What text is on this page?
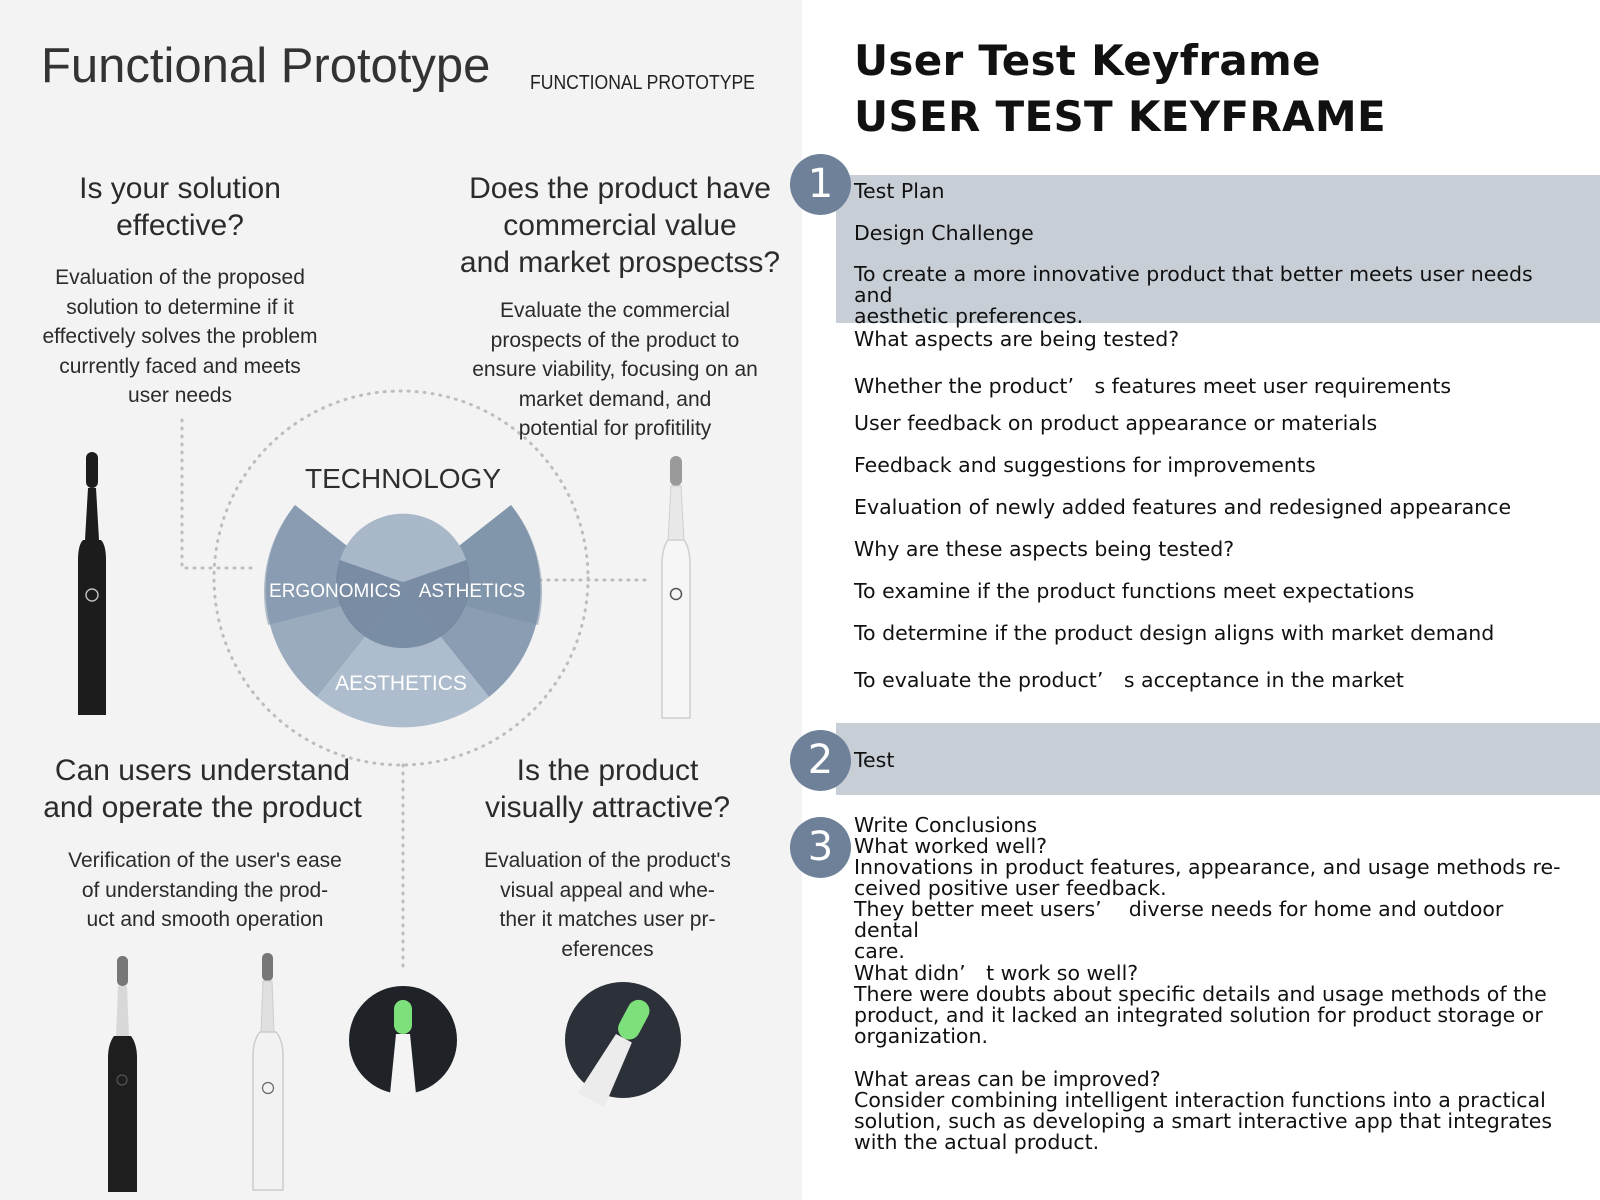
Functional Prototype FUNCTIONAL PROTOTYPE
TECHNOLOGY
ERGONOMICS ASTHETICS
AESTHETICS
Is your solution
effective?
Evaluation of the proposed
solution to determine if it
effectively solves the problem
currently faced and meets
user needs
Does the product have
commercial value
and market prospectss?
Evaluate the commercial
prospects of the product to
ensure viability, focusing on an
market demand, and
potential for profitility
Can users understand
and operate the product
Verification of the user's ease
of understanding the prod-
uct and smooth operation
Is the product
visually attractive?
Evaluation of the product's
visual appeal and whe-
ther it matches user pr-
eferences
User Test Keyframe
USER TEST KEYFRAME
1	Test Plan
Design Challenge
To create a more innovative product that better meets user needs and
aesthetic preferences.
What aspects are being tested?
Whether the product’　s features meet user requirements
User feedback on product appearance or materials
Feedback and suggestions for improvements
Evaluation of newly added features and redesigned appearance
Why are these aspects being tested?
To examine if the product functions meet expectations
To determine if the product design aligns with market demand
To evaluate the product’　s acceptance in the market
2	Test
3	Write Conclusions
What worked well?
Innovations in product features, appearance, and usage methods re-
ceived positive user feedback.
They better meet users’　 diverse needs for home and outdoor dental
care.
What didn’　t work so well?
There were doubts about specific details and usage methods of the
product, and it lacked an integrated solution for product storage or
organization.
What areas can be improved?
Consider combining intelligent interaction functions into a practical
solution, such as developing a smart interactive app that integrates
with the actual product.
